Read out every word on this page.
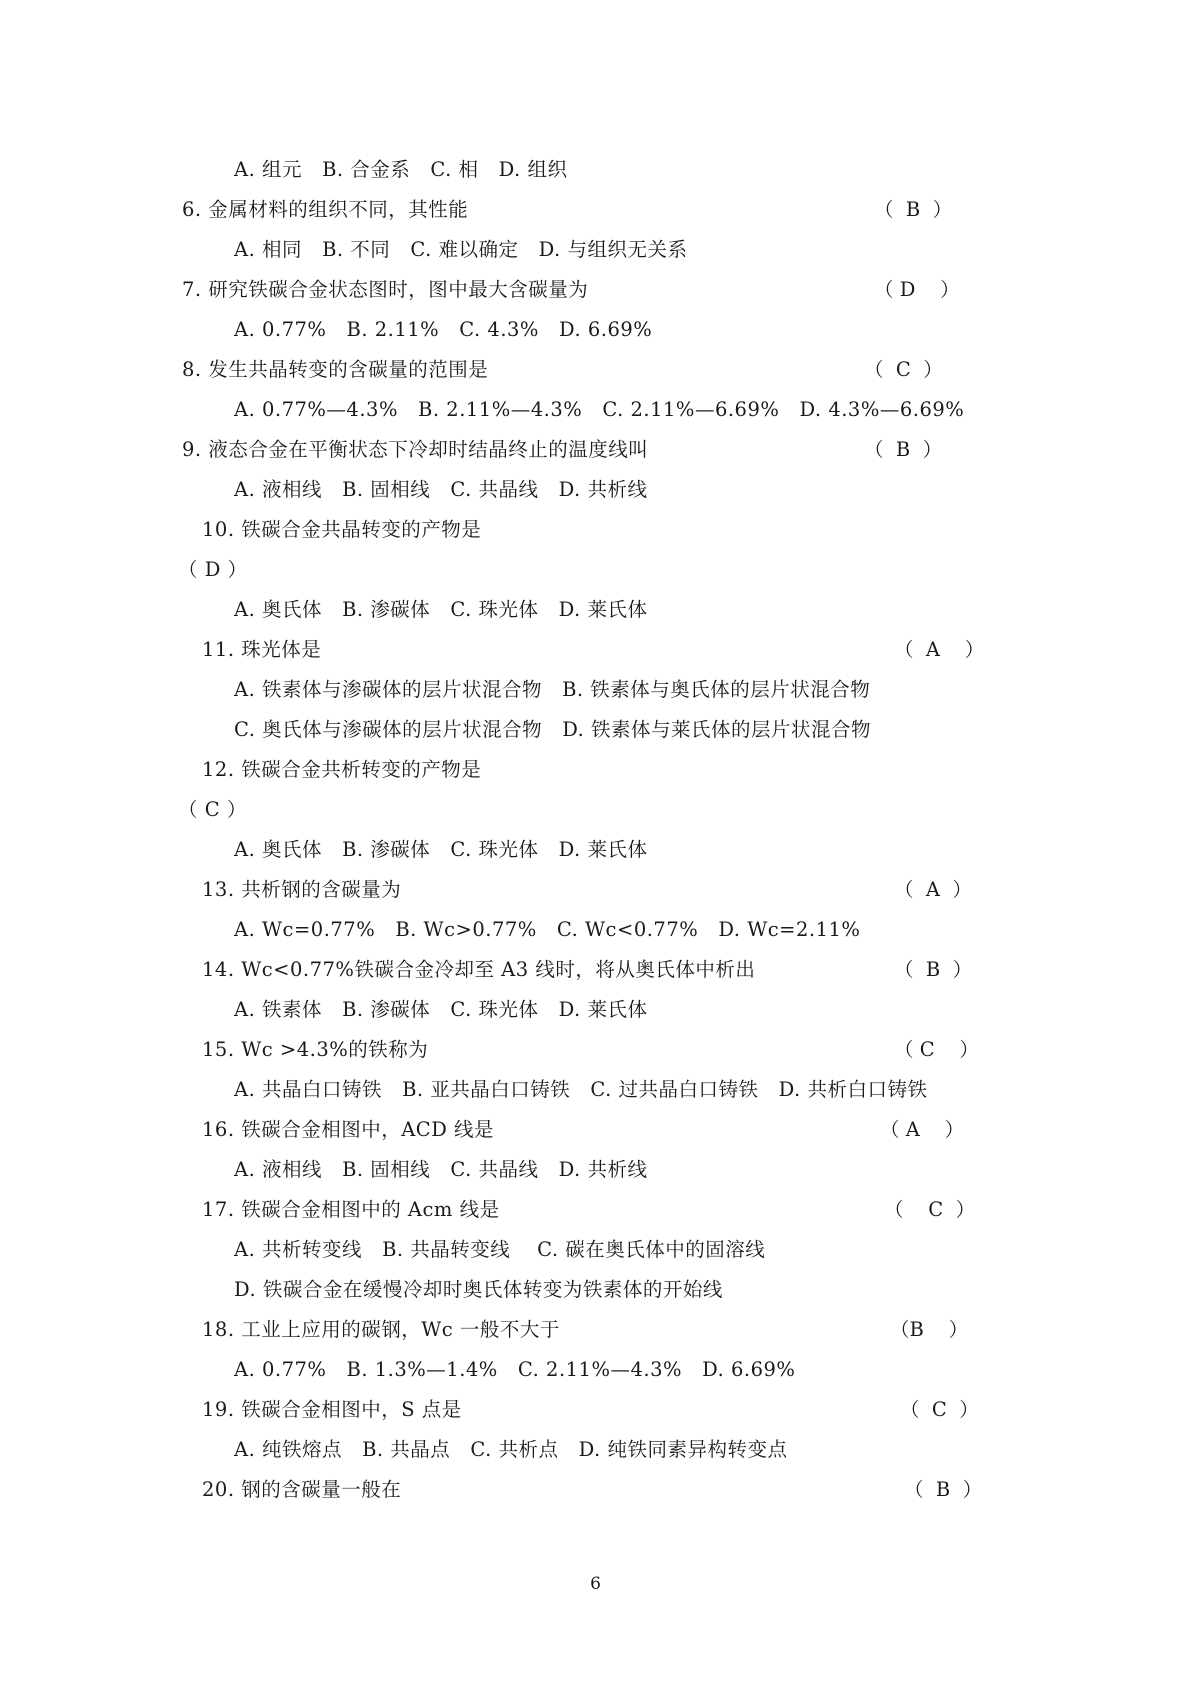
A. 组元   B. 合金系   C. 相   D. 组织
6. 金属材料的组织不同，其性能
A. 相同   B. 不同   C. 难以确定   D. 与组织无关系
7. 研究铁碳合金状态图时，图中最大含碳量为
A. 0.77%   B. 2.11%   C. 4.3%   D. 6.69%
8. 发生共晶转变的含碳量的范围是
A. 0.77%—4.3%   B. 2.11%—4.3%   C. 2.11%—6.69%   D. 4.3%—6.69%
9. 液态合金在平衡状态下冷却时结晶终止的温度线叫
A. 液相线   B. 固相线   C. 共晶线   D. 共析线
10. 铁碳合金共晶转变的产物是
（ D ）
A. 奥氏体   B. 渗碳体   C. 珠光体   D. 莱氏体
11. 珠光体是
A. 铁素体与渗碳体的层片状混合物   B. 铁素体与奥氏体的层片状混合物
C. 奥氏体与渗碳体的层片状混合物   D. 铁素体与莱氏体的层片状混合物
12. 铁碳合金共析转变的产物是
（ C ）
A. 奥氏体   B. 渗碳体   C. 珠光体   D. 莱氏体
13. 共析钢的含碳量为
A. Wc=0.77%   B. Wc>0.77%   C. Wc<0.77%   D. Wc=2.11%
14. Wc<0.77%铁碳合金冷却至 A3 线时，将从奥氏体中析出
A. 铁素体   B. 渗碳体   C. 珠光体   D. 莱氏体
15. Wc >4.3%的铁称为
A. 共晶白口铸铁   B. 亚共晶白口铸铁   C. 过共晶白口铸铁   D. 共析白口铸铁
16. 铁碳合金相图中，ACD 线是
A. 液相线   B. 固相线   C. 共晶线   D. 共析线
17. 铁碳合金相图中的 Acm 线是
A. 共析转变线   B. 共晶转变线    C. 碳在奥氏体中的固溶线
D. 铁碳合金在缓慢冷却时奥氏体转变为铁素体的开始线
18. 工业上应用的碳钢，Wc 一般不大于
A. 0.77%   B. 1.3%—1.4%   C. 2.11%—4.3%   D. 6.69%
19. 铁碳合金相图中，S 点是
A. 纯铁熔点   B. 共晶点   C. 共析点   D. 纯铁同素异构转变点
20. 钢的含碳量一般在
（  B  ）
（ D    ）
（  C  ）
（  B  ）
（  A    ）
（  A  ）
（  B  ）
（ C    ）
（ A    ）
（    C  ）
（B    ）
（  C  ）
（  B  ）
6
